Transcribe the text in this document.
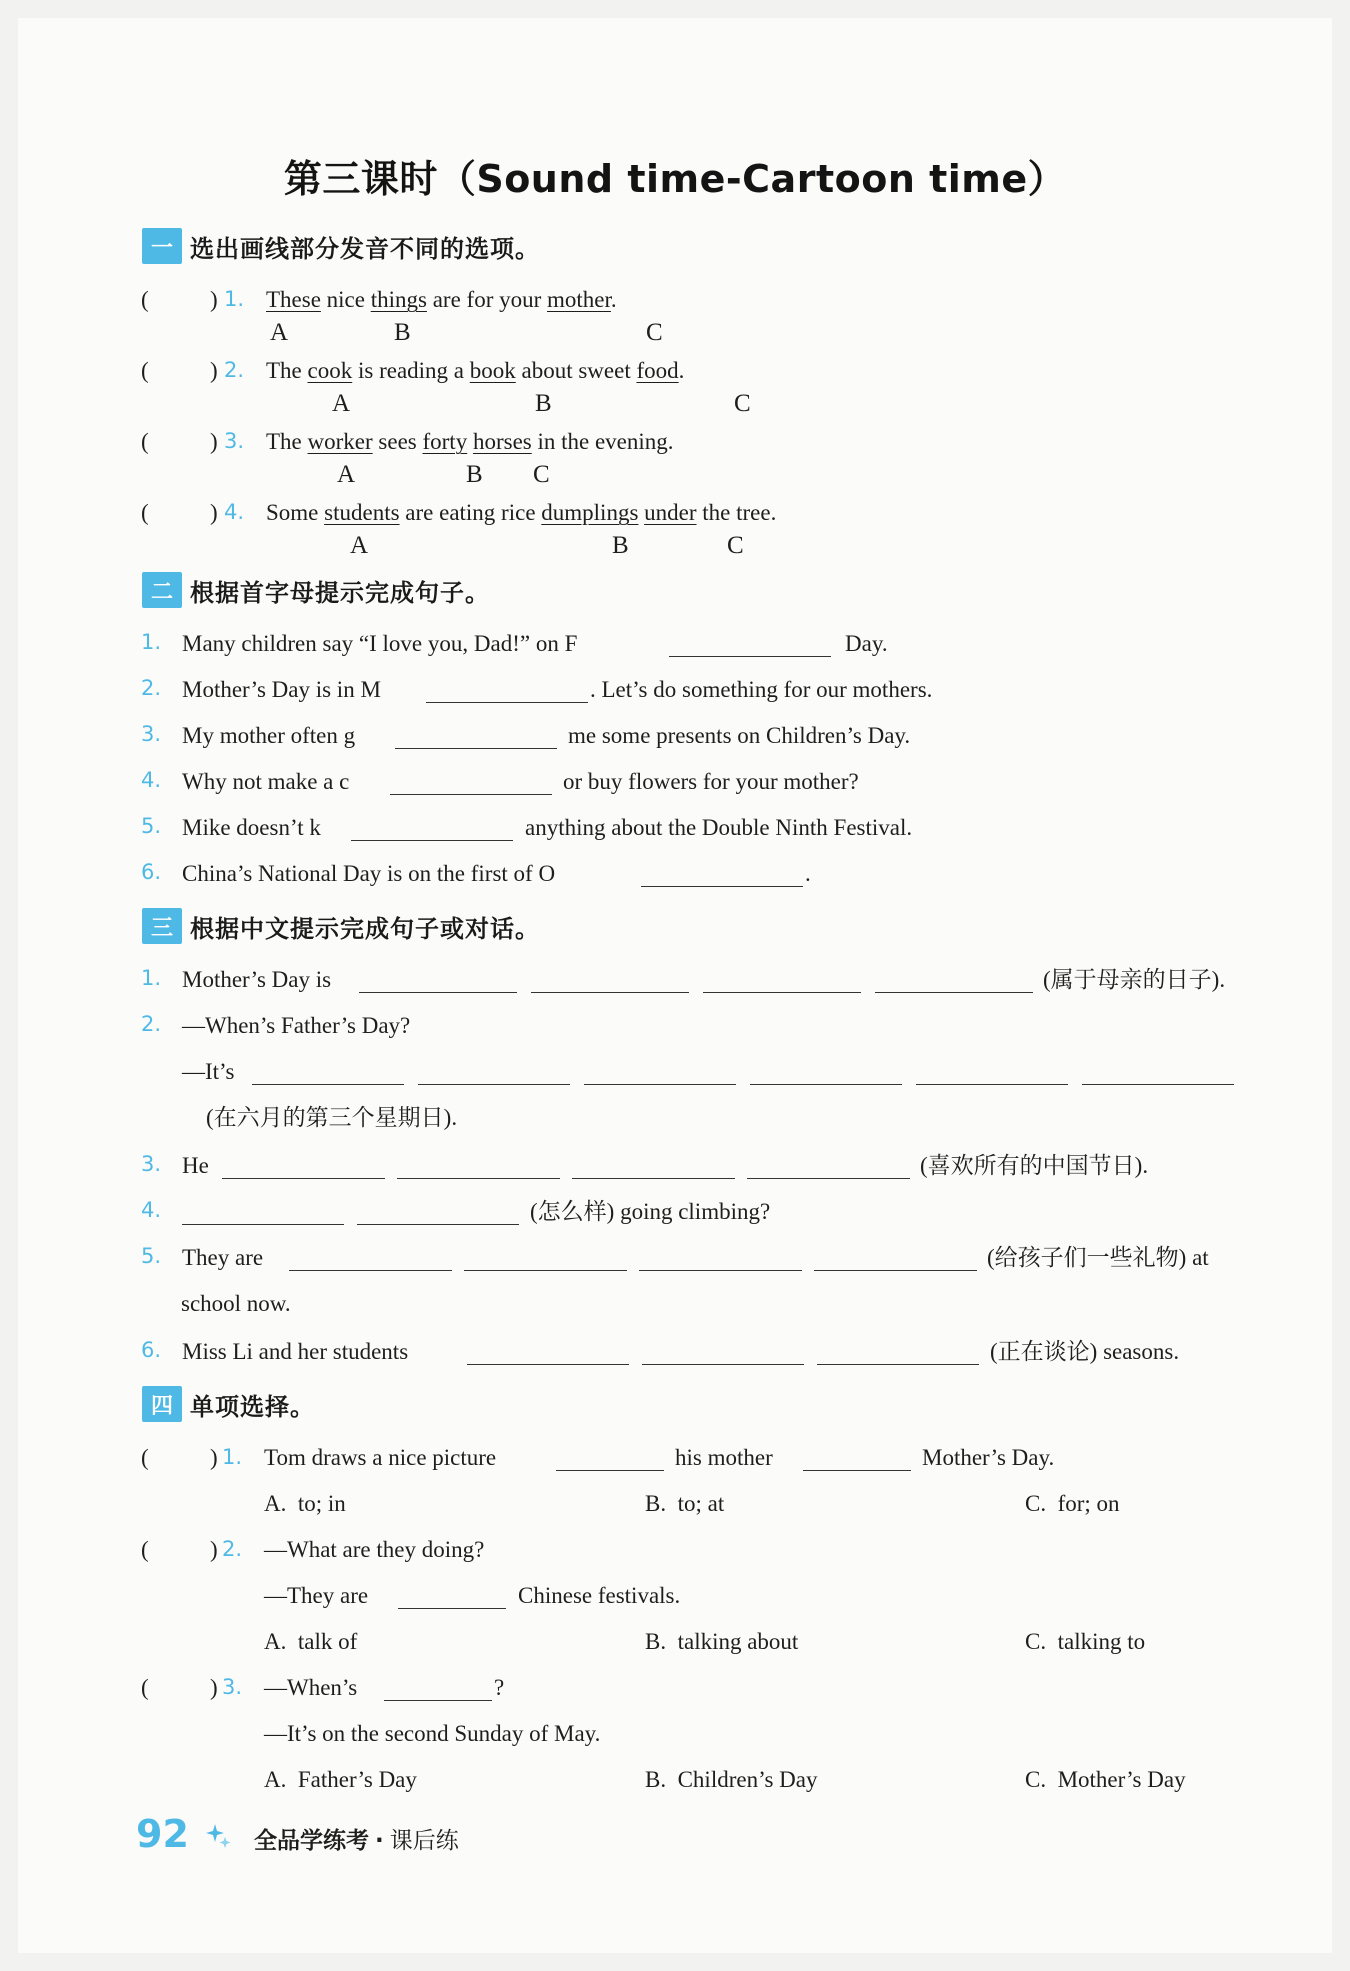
第三课时（Sound time-Cartoon time）
一 选出画线部分发音不同的选项。
(	) 1. These nice things are for your mother.
A	B	C
(	) 2. The cook is reading a book about sweet food.
A	B	C
(	) 3. The worker sees forty horses in the evening.
A	B C
(	) 4. Some students are eating rice dumplings under the tree.
A	B	C
二 根据首字母提示完成句子。
1. Many children say “I love you, Dad!” on F	Day.
2. Mother’s Day is in M	. Let’s do something for our mothers.
3. My mother often g	me some presents on Children’s Day.
4. Why not make a c	or buy flowers for your mother?
5. Mike doesn’t k	anything about the Double Ninth Festival.
6. China’s National Day is on the first of O	.
三 根据中文提示完成句子或对话。
1. Mother’s Day is	(属于母亲的日子).
2. —When’s Father’s Day?
—It’s
(在六月的第三个星期日).
3. He	(喜欢所有的中国节日).
4.	(怎么样) going climbing?
5. They are	(给孩子们一些礼物) at
school now.
6. Miss Li and her students	(正在谈论) seasons.
四 单项选择。
(	) 1. Tom draws a nice picture	his mother	Mother’s Day.
A. to; in	B. to; at	C. for; on
(	) 2. —What are they doing?
—They are	Chinese festivals.
A. talk of	B. talking about	C. talking to
(	) 3. —When’s	?
—It’s on the second Sunday of May.
A. Father’s Day	B. Children’s Day	C. Mother’s Day
92	全品学练考 · 课后练
